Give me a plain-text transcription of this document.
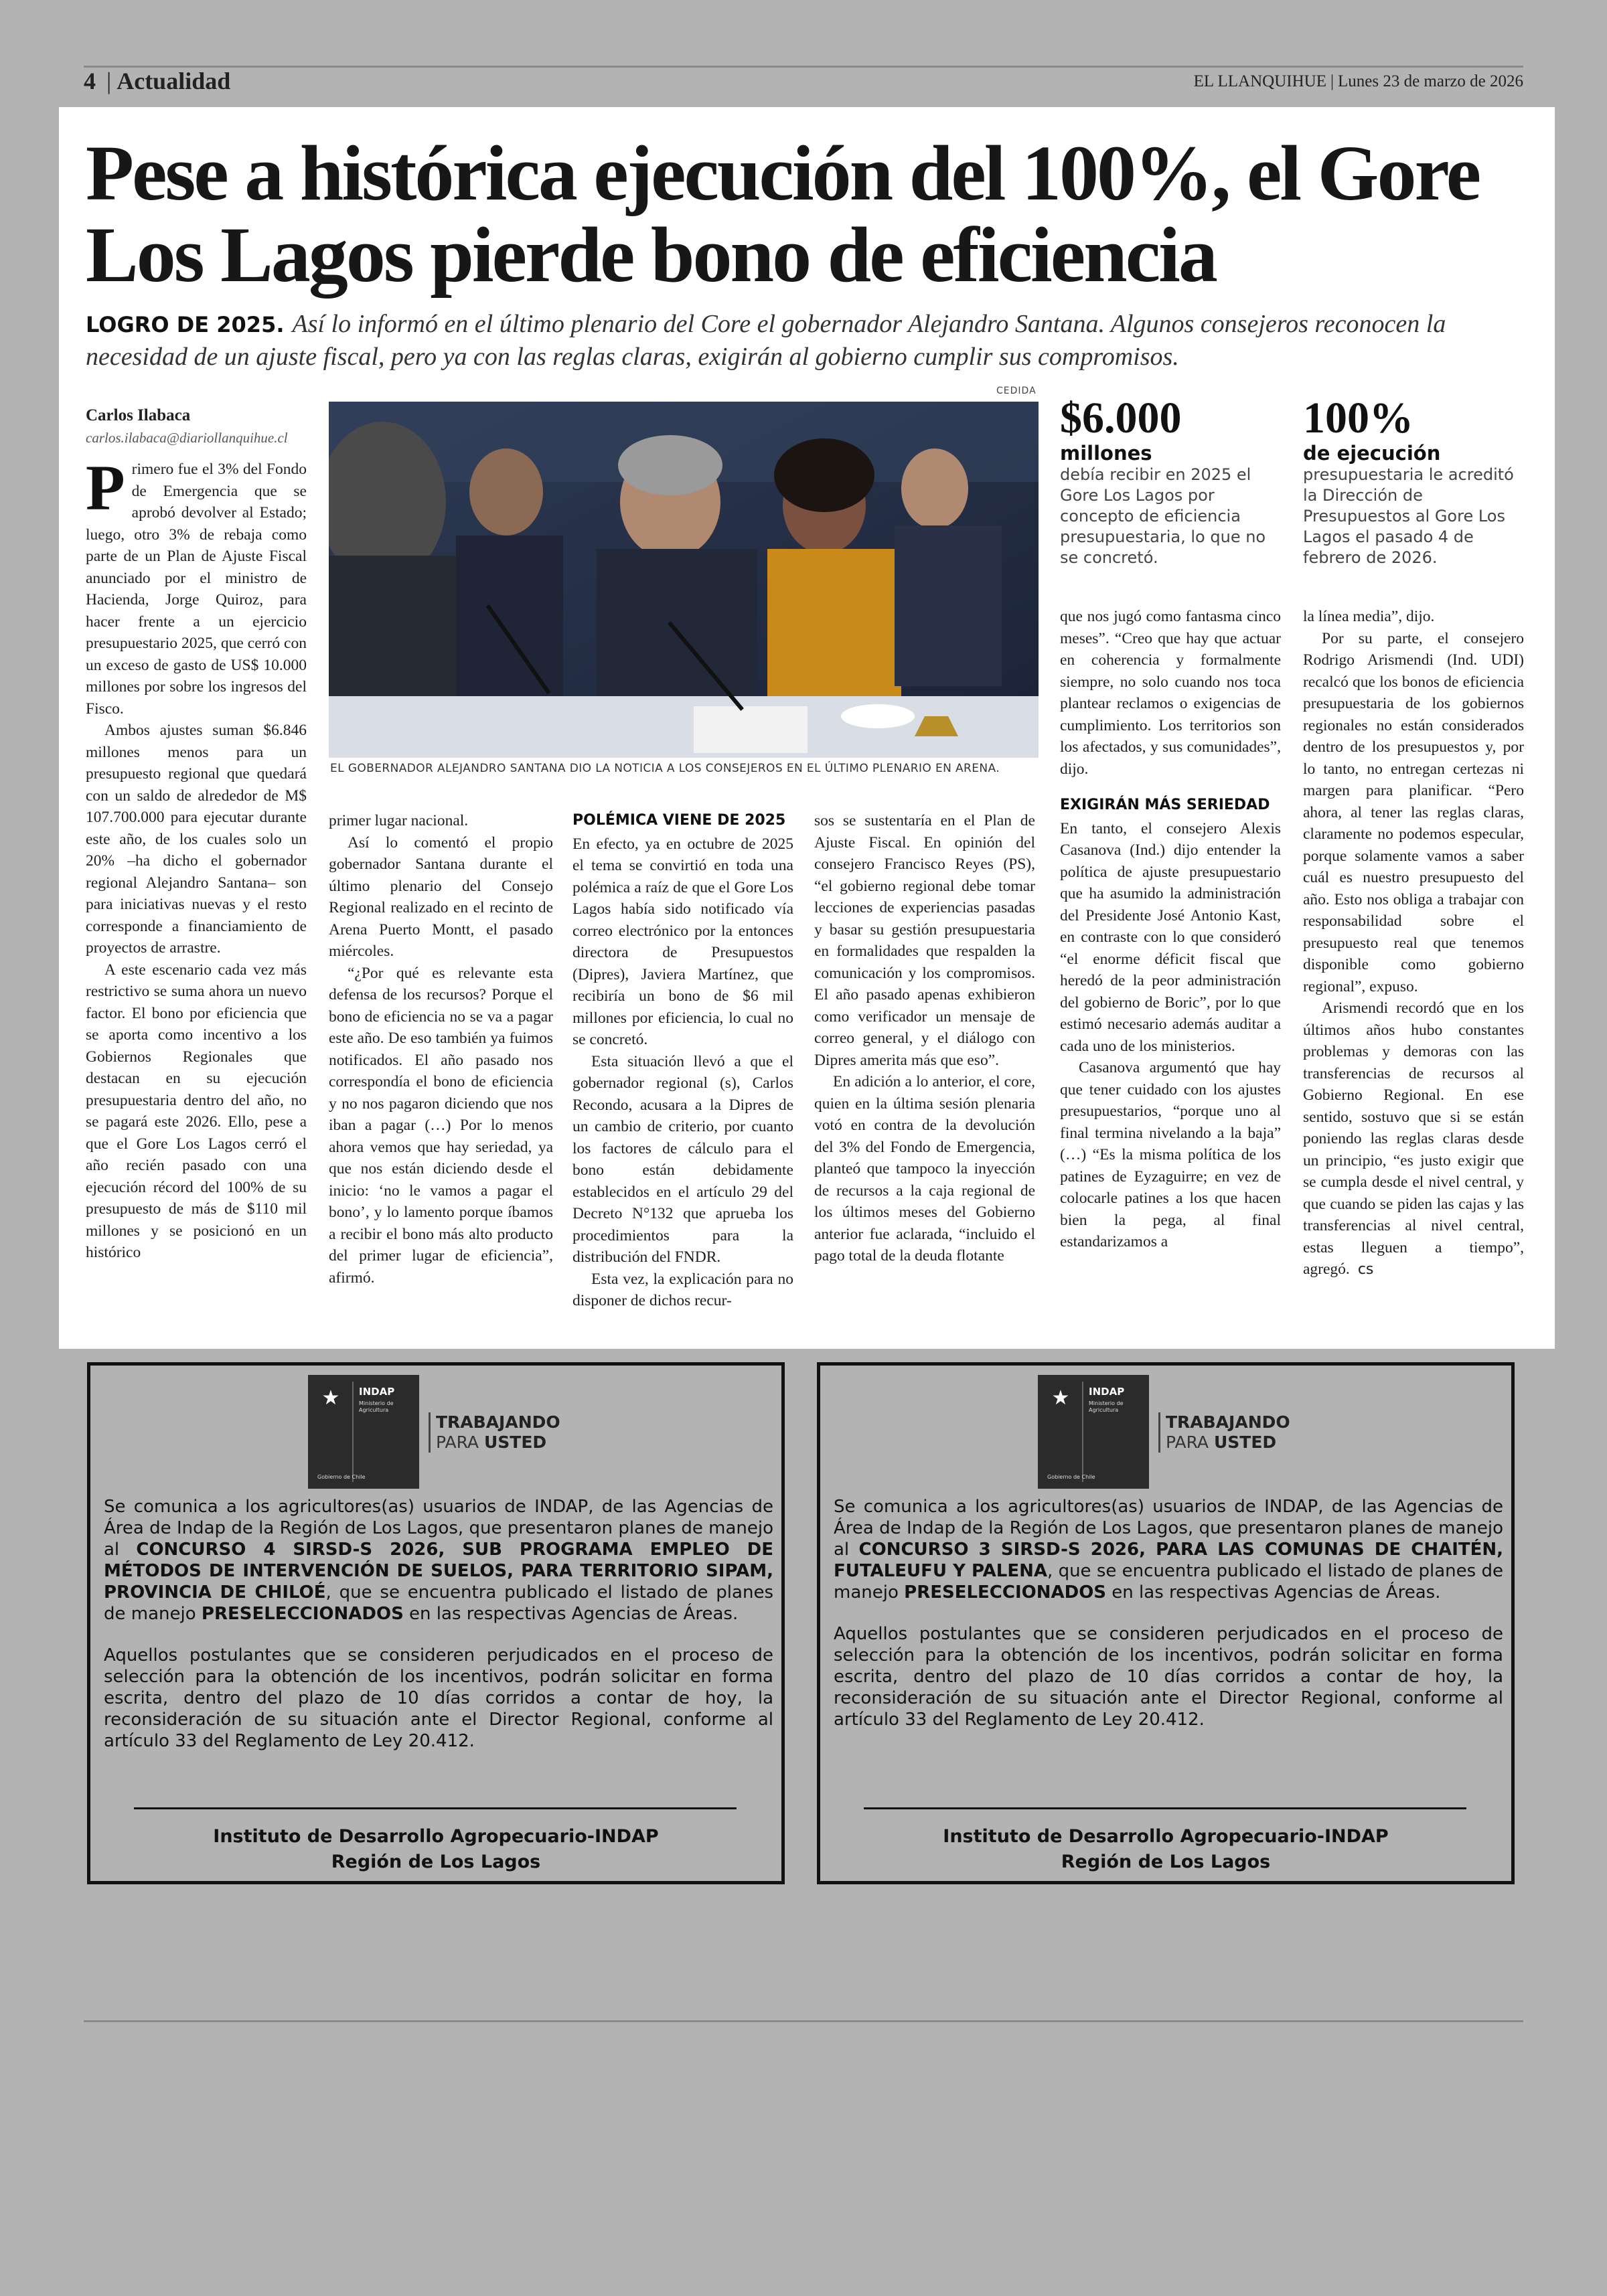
4 | Actualidad	EL LLANQUIHUE | Lunes 23 de marzo de 2026
Pese a histórica ejecución del 100%, el Gore Los Lagos pierde bono de eficiencia
LOGRO DE 2025. Así lo informó en el último plenario del Core el gobernador Alejandro Santana. Algunos consejeros reconocen la necesidad de un ajuste fiscal, pero ya con las reglas claras, exigirán al gobierno cumplir sus compromisos.
Carlos Ilabaca
carlos.ilabaca@diariollanquihue.cl

Primero fue el 3% del Fondo de Emergencia que se aprobó devolver al Estado; luego, otro 3% de rebaja como parte de un Plan de Ajuste Fiscal anunciado por el ministro de Hacienda, Jorge Quiroz, para hacer frente a un ejercicio presupuestario 2025, que cerró con un exceso de gasto de US$ 10.000 millones por sobre los ingresos del Fisco.

Ambos ajustes suman $6.846 millones menos para un presupuesto regional que quedará con un saldo de alrededor de M$ 107.700.000 para ejecutar durante este año, de los cuales solo un 20% –ha dicho el gobernador regional Alejandro Santana– son para iniciativas nuevas y el resto corresponde a financiamiento de proyectos de arrastre.

A este escenario cada vez más restrictivo se suma ahora un nuevo factor. El bono por eficiencia que se aporta como incentivo a los Gobiernos Regionales que destacan en su ejecución presupuestaria dentro del año, no se pagará este 2026. Ello, pese a que el Gore Los Lagos cerró el año recién pasado con una ejecución récord del 100% de su presupuesto de más de $110 mil millones y se posicionó en un histórico

CEDIDA
EL GOBERNADOR ALEJANDRO SANTANA DIO LA NOTICIA A LOS CONSEJEROS EN EL ÚLTIMO PLENARIO EN ARENA.

primer lugar nacional.

Así lo comentó el propio gobernador Santana durante el último plenario del Consejo Regional realizado en el recinto de Arena Puerto Montt, el pasado miércoles.

“¿Por qué es relevante esta defensa de los recursos? Porque el bono de eficiencia no se va a pagar este año. De eso también ya fuimos notificados. El año pasado nos correspondía el bono de eficiencia y no nos pagaron diciendo que nos iban a pagar (…) Por lo menos ahora vemos que hay seriedad, ya que nos están diciendo desde el inicio: ‘no le vamos a pagar el bono’, y lo lamento porque íbamos a recibir el bono más alto producto del primer lugar de eficiencia”, afirmó.

POLÉMICA VIENE DE 2025

En efecto, ya en octubre de 2025 el tema se convirtió en toda una polémica a raíz de que el Gore Los Lagos había sido notificado vía correo electrónico por la entonces directora de Presupuestos (Dipres), Javiera Martínez, que recibiría un bono de $6 mil millones por eficiencia, lo cual no se concretó.

Esta situación llevó a que el gobernador regional (s), Carlos Recondo, acusara a la Dipres de un cambio de criterio, por cuanto los factores de cálculo para el bono están debidamente establecidos en el artículo 29 del Decreto N°132 que aprueba los procedimientos para la distribución del FNDR.

Esta vez, la explicación para no disponer de dichos recur-

sos se sustentaría en el Plan de Ajuste Fiscal. En opinión del consejero Francisco Reyes (PS), “el gobierno regional debe tomar lecciones de experiencias pasadas y basar su gestión presupuestaria en formalidades que respalden la comunicación y los compromisos. El año pasado apenas exhibieron como verificador un mensaje de correo general, y el diálogo con Dipres amerita más que eso”.

En adición a lo anterior, el core, quien en la última sesión plenaria votó en contra de la devolución del 3% del Fondo de Emergencia, planteó que tampoco la inyección de recursos a la caja regional de los últimos meses del Gobierno anterior fue aclarada, “incluido el pago total de la deuda flotante

$6.000
millones
debía recibir en 2025 el Gore Los Lagos por concepto de eficiencia presupuestaria, lo que no se concretó.
100%
de ejecución
presupuestaria le acreditó la Dirección de Presupuestos al Gore Los Lagos el pasado 4 de febrero de 2026.

que nos jugó como fantasma cinco meses”. “Creo que hay que actuar en coherencia y formalmente siempre, no solo cuando nos toca plantear reclamos o exigencias de cumplimiento. Los territorios son los afectados, y sus comunidades”, dijo.

EXIGIRÁN MÁS SERIEDAD

En tanto, el consejero Alexis Casanova (Ind.) dijo entender la política de ajuste presupuestario que ha asumido la administración del Presidente José Antonio Kast, en contraste con lo que consideró “el enorme déficit fiscal que heredó de la peor administración del gobierno de Boric”, por lo que estimó necesario además auditar a cada uno de los ministerios.

Casanova argumentó que hay que tener cuidado con los ajustes presupuestarios, “porque uno al final termina nivelando a la baja” (…) “Es la misma política de los patines de Eyzaguirre; en vez de colocarle patines a los que hacen bien la pega, al final estandarizamos a

la línea media”, dijo.

Por su parte, el consejero Rodrigo Arismendi (Ind. UDI) recalcó que los bonos de eficiencia presupuestaria de los gobiernos regionales no están considerados dentro de los presupuestos y, por lo tanto, no entregan certezas ni margen para planificar. “Pero ahora, al tener las reglas claras, claramente no podemos especular, porque solamente vamos a saber cuál es nuestro presupuesto del año. Esto nos obliga a trabajar con responsabilidad sobre el presupuesto real que tenemos disponible como gobierno regional”, expuso.

Arismendi recordó que en los últimos años hubo constantes problemas y demoras con las transferencias de recursos al Gobierno Regional. En ese sentido, sostuvo que si se están poniendo las reglas claras desde un principio, “es justo exigir que se cumpla desde el nivel central, y que cuando se piden las cajas y las transferencias al nivel central, estas lleguen a tiempo”, agregó. cs

★	INDAP
Ministerio de Agricultura
Gobierno de Chile
TRABAJANDO
PARA USTED

Se comunica a los agricultores(as) usuarios de INDAP, de las Agencias de Área de Indap de la Región de Los Lagos, que presentaron planes de manejo al CONCURSO 4 SIRSD-S 2026, SUB PROGRAMA EMPLEO DE MÉTODOS DE INTERVENCIÓN DE SUELOS, PARA TERRITORIO SIPAM, PROVINCIA DE CHILOÉ, que se encuentra publicado el listado de planes de manejo PRESELECCIONADOS en las respectivas Agencias de Áreas.

Aquellos postulantes que se consideren perjudicados en el proceso de selección para la obtención de los incentivos, podrán solicitar en forma escrita, dentro del plazo de 10 días corridos a contar de hoy, la reconsideración de su situación ante el Director Regional, conforme al artículo 33 del Reglamento de Ley 20.412.

Instituto de Desarrollo Agropecuario-INDAP
Región de Los Lagos
★	INDAP
Ministerio de Agricultura
Gobierno de Chile
TRABAJANDO
PARA USTED

Se comunica a los agricultores(as) usuarios de INDAP, de las Agencias de Área de Indap de la Región de Los Lagos, que presentaron planes de manejo al CONCURSO 3 SIRSD-S 2026, PARA LAS COMUNAS DE CHAITÉN, FUTALEUFU Y PALENA, que se encuentra publicado el listado de planes de manejo PRESELECCIONADOS en las respectivas Agencias de Áreas.

Aquellos postulantes que se consideren perjudicados en el proceso de selección para la obtención de los incentivos, podrán solicitar en forma escrita, dentro del plazo de 10 días corridos a contar de hoy, la reconsideración de su situación ante el Director Regional, conforme al artículo 33 del Reglamento de Ley 20.412.

Instituto de Desarrollo Agropecuario-INDAP
Región de Los Lagos
